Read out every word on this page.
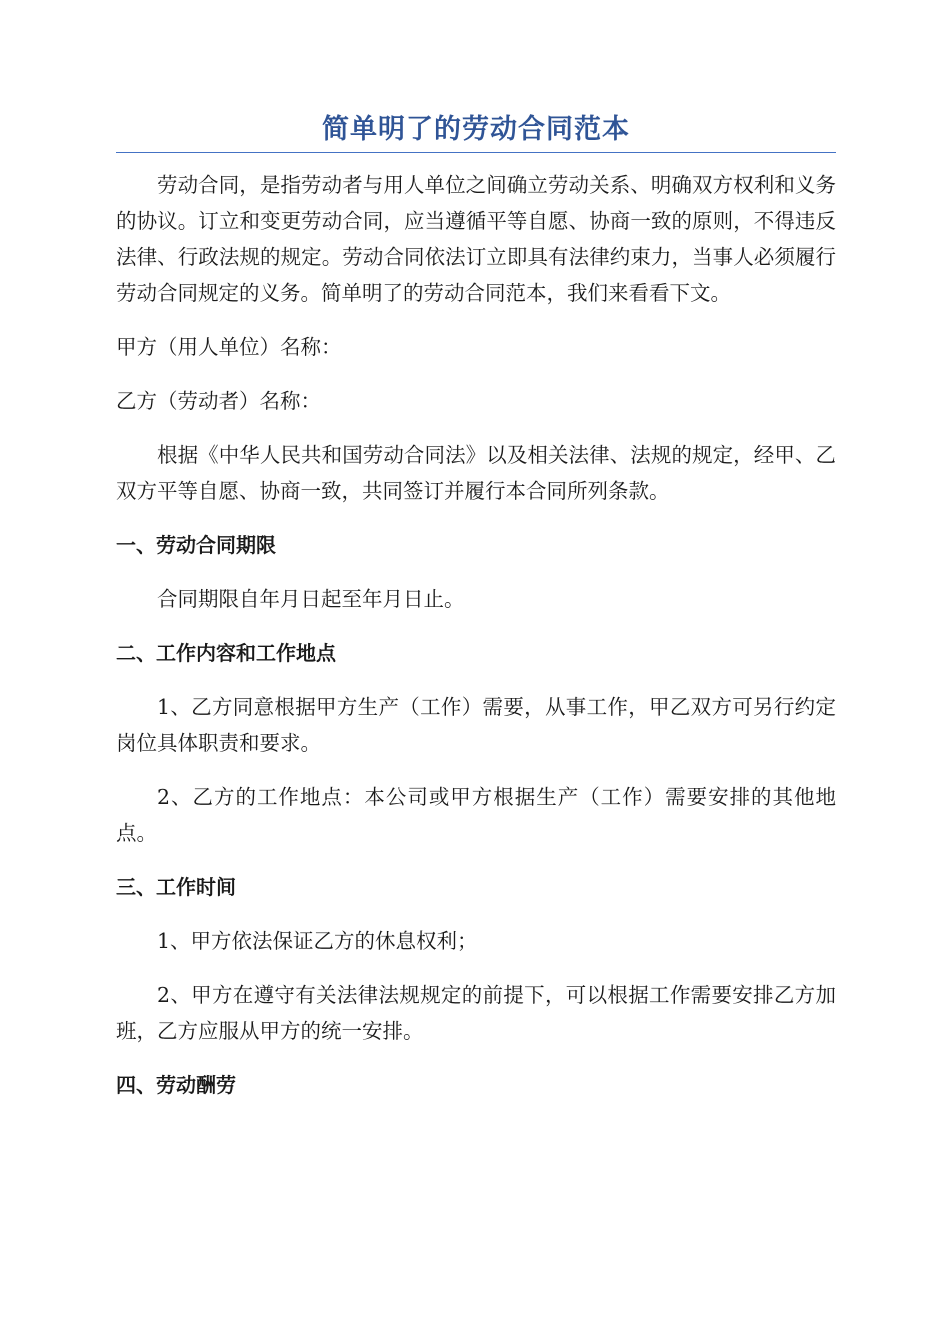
简单明了的劳动合同范本

劳动合同，是指劳动者与用人单位之间确立劳动关系、明确双方权利和义务的协议。订立和变更劳动合同，应当遵循平等自愿、协商一致的原则，不得违反法律、行政法规的规定。劳动合同依法订立即具有法律约束力，当事人必须履行劳动合同规定的义务。简单明了的劳动合同范本，我们来看看下文。

甲方（用人单位）名称：

乙方（劳动者）名称：

根据《中华人民共和国劳动合同法》以及相关法律、法规的规定，经甲、乙双方平等自愿、协商一致，共同签订并履行本合同所列条款。

一、劳动合同期限

合同期限自年月日起至年月日止。

二、工作内容和工作地点

1、乙方同意根据甲方生产（工作）需要，从事工作，甲乙双方可另行约定岗位具体职责和要求。

2、乙方的工作地点：本公司或甲方根据生产（工作）需要安排的其他地点。

三、工作时间

1、甲方依法保证乙方的休息权利；

2、甲方在遵守有关法律法规规定的前提下，可以根据工作需要安排乙方加班，乙方应服从甲方的统一安排。

四、劳动酬劳
